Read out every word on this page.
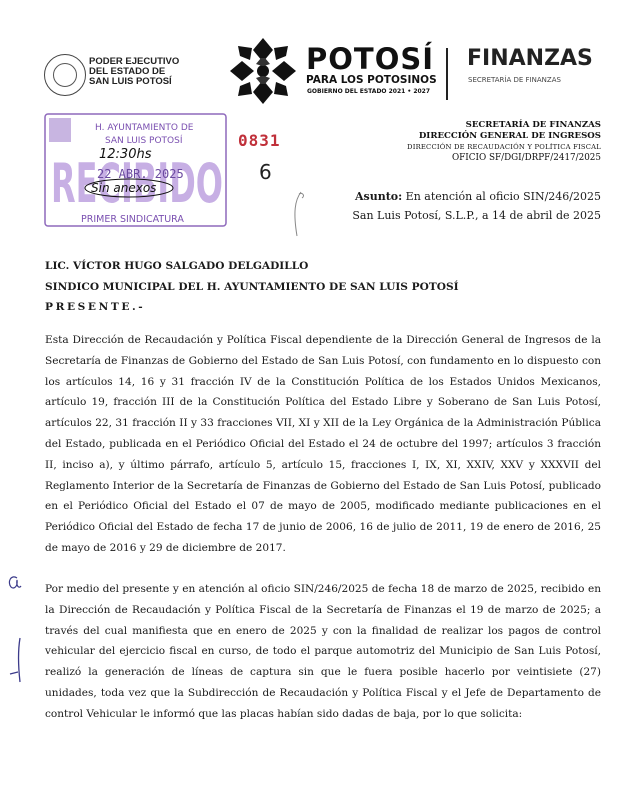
PODER EJECUTIVO
DEL ESTADO DE
SAN LUIS POTOSÍ
POTOSÍ
PARA LOS POTOSINOS
GOBIERNO DEL ESTADO 2021 • 2027
FINANZAS
SECRETARÍA DE FINANZAS
H. AYUNTAMIENTO DE
SAN LUIS POTOSÍ
RECIBIDO
12:30hs
22 ABR. 2025
Sin anexos
PRIMER SINDICATURA
0831
6
SECRETARÍA DE FINANZAS
DIRECCIÓN GENERAL DE INGRESOS
DIRECCIÓN DE RECAUDACIÓN Y POLÍTICA FISCAL
OFICIO SF/DGI/DRPF/2417/2025
Asunto: En atención al oficio SIN/246/2025
San Luis Potosí, S.L.P., a 14 de abril de 2025
LIC. VÍCTOR HUGO SALGADO DELGADILLO
SINDICO MUNICIPAL DEL H. AYUNTAMIENTO DE SAN LUIS POTOSÍ
PRESENTE.-
Esta Dirección de Recaudación y Política Fiscal dependiente de la Dirección General de Ingresos de la Secretaría de Finanzas de Gobierno del Estado de San Luis Potosí, con fundamento en lo dispuesto con los artículos 14, 16 y 31 fracción IV de la Constitución Política de los Estados Unidos Mexicanos, artículo 19, fracción III de la Constitución Política del Estado Libre y Soberano de San Luis Potosí, artículos 22, 31 fracción II y 33 fracciones VII, XI y XII de la Ley Orgánica de la Administración Pública del Estado, publicada en el Periódico Oficial del Estado el 24 de octubre del 1997; artículos 3 fracción II, inciso a), y último párrafo, artículo 5, artículo 15, fracciones I, IX, XI, XXIV, XXV y XXXVII del Reglamento Interior de la Secretaría de Finanzas de Gobierno del Estado de San Luis Potosí, publicado en el Periódico Oficial del Estado el 07 de mayo de 2005, modificado mediante publicaciones en el Periódico Oficial del Estado de fecha 17 de junio de 2006, 16 de julio de 2011, 19 de enero de 2016, 25 de mayo de 2016 y 29 de diciembre de 2017.
Por medio del presente y en atención al oficio SIN/246/2025 de fecha 18 de marzo de 2025, recibido en la Dirección de Recaudación y Política Fiscal de la Secretaría de Finanzas el 19 de marzo de 2025; a través del cual manifiesta que en enero de 2025 y con la finalidad de realizar los pagos de control vehicular del ejercicio fiscal en curso, de todo el parque automotriz del Municipio de San Luis Potosí, realizó la generación de líneas de captura sin que le fuera posible hacerlo por veintisiete (27) unidades, toda vez que la Subdirección de Recaudación y Política Fiscal y el Jefe de Departamento de control Vehicular le informó que las placas habían sido dadas de baja, por lo que solicita:
